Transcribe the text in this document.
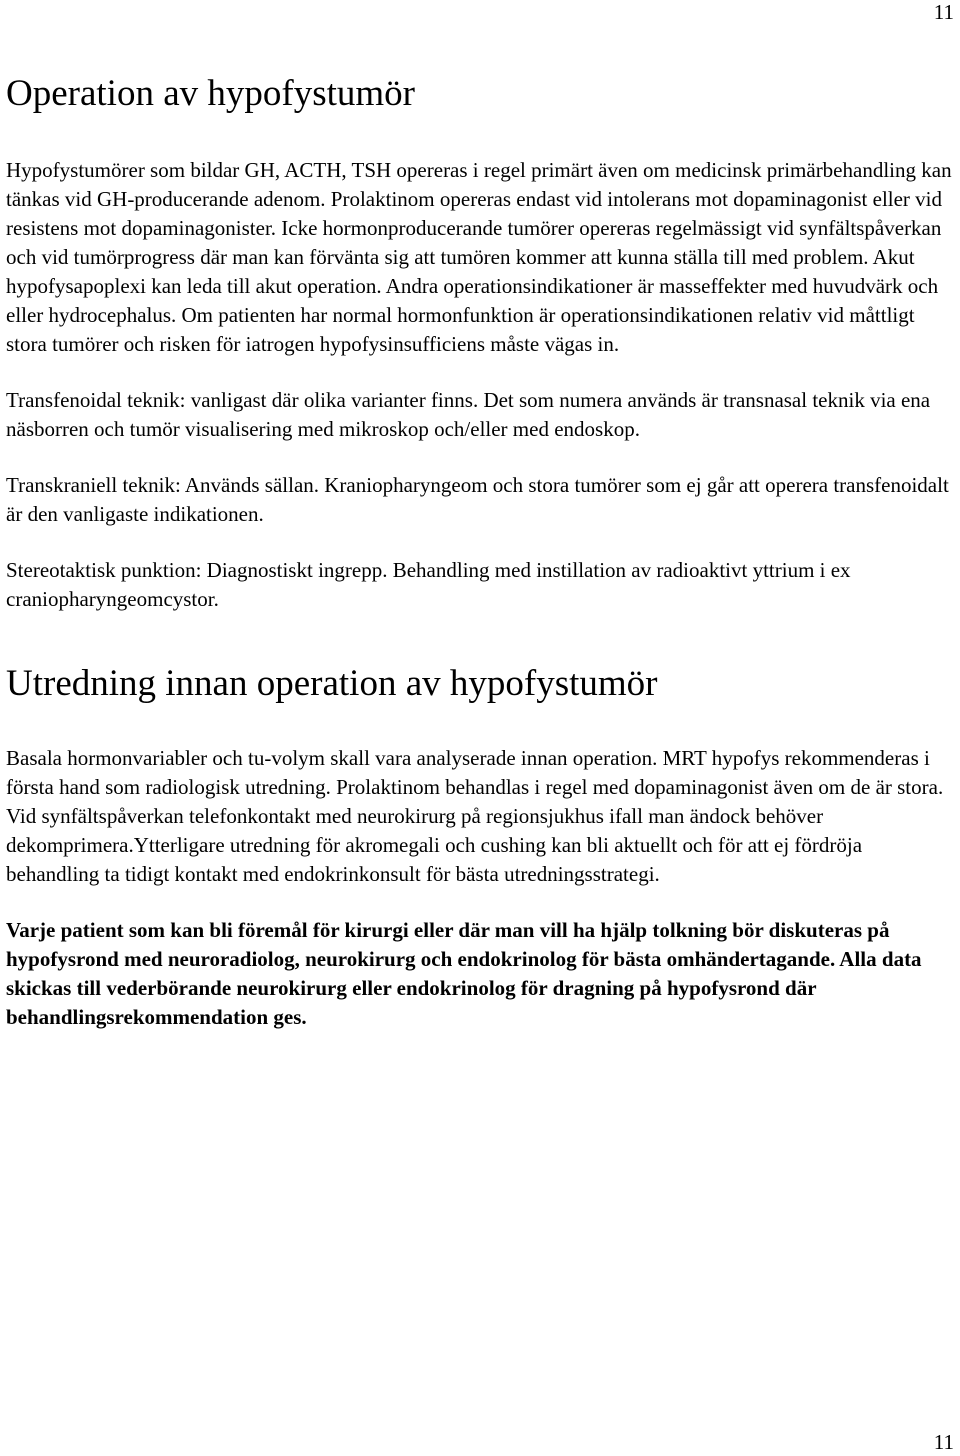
11
Operation av hypofystumör

Hypofystumörer som bildar GH, ACTH, TSH opereras i regel primärt även om medicinsk primärbehandling kan tänkas vid GH-producerande adenom. Prolaktinom opereras endast vid intolerans mot dopaminagonist eller vid resistens mot dopaminagonister. Icke hormonproducerande tumörer opereras regelmässigt vid synfältspåverkan och vid tumörprogress där man kan förvänta sig att tumören kommer att kunna ställa till med problem. Akut hypofysapoplexi kan leda till akut operation. Andra operationsindikationer är masseffekter med huvudvärk och eller hydrocephalus. Om patienten har normal hormonfunktion är operationsindikationen relativ vid måttligt stora tumörer och risken för iatrogen hypofysinsufficiens måste vägas in.

Transfenoidal teknik: vanligast där olika varianter finns. Det som numera används är transnasal teknik via ena näsborren och tumör visualisering med mikroskop och/eller med endoskop.

Transkraniell teknik: Används sällan. Kraniopharyngeom och stora tumörer som ej går att operera transfenoidalt är den vanligaste indikationen.

Stereotaktisk punktion: Diagnostiskt ingrepp. Behandling med instillation av radioaktivt yttrium i ex craniopharyngeomcystor.

Utredning innan operation av hypofystumör

Basala hormonvariabler och tu-volym skall vara analyserade innan operation. MRT hypofys rekommenderas i första hand som radiologisk utredning. Prolaktinom behandlas i regel med dopaminagonist även om de är stora. Vid synfältspåverkan telefonkontakt med neurokirurg på regionsjukhus ifall man ändock behöver dekomprimera.Ytterligare utredning för akromegali och cushing kan bli aktuellt och för att ej fördröja behandling ta tidigt kontakt med endokrinkonsult för bästa utredningsstrategi.

Varje patient som kan bli föremål för kirurgi eller där man vill ha hjälp tolkning bör diskuteras på hypofysrond med neuroradiolog, neurokirurg och endokrinolog för bästa omhändertagande. Alla data skickas till vederbörande neurokirurg eller endokrinolog för dragning på hypofysrond där behandlingsrekommendation ges.

11
